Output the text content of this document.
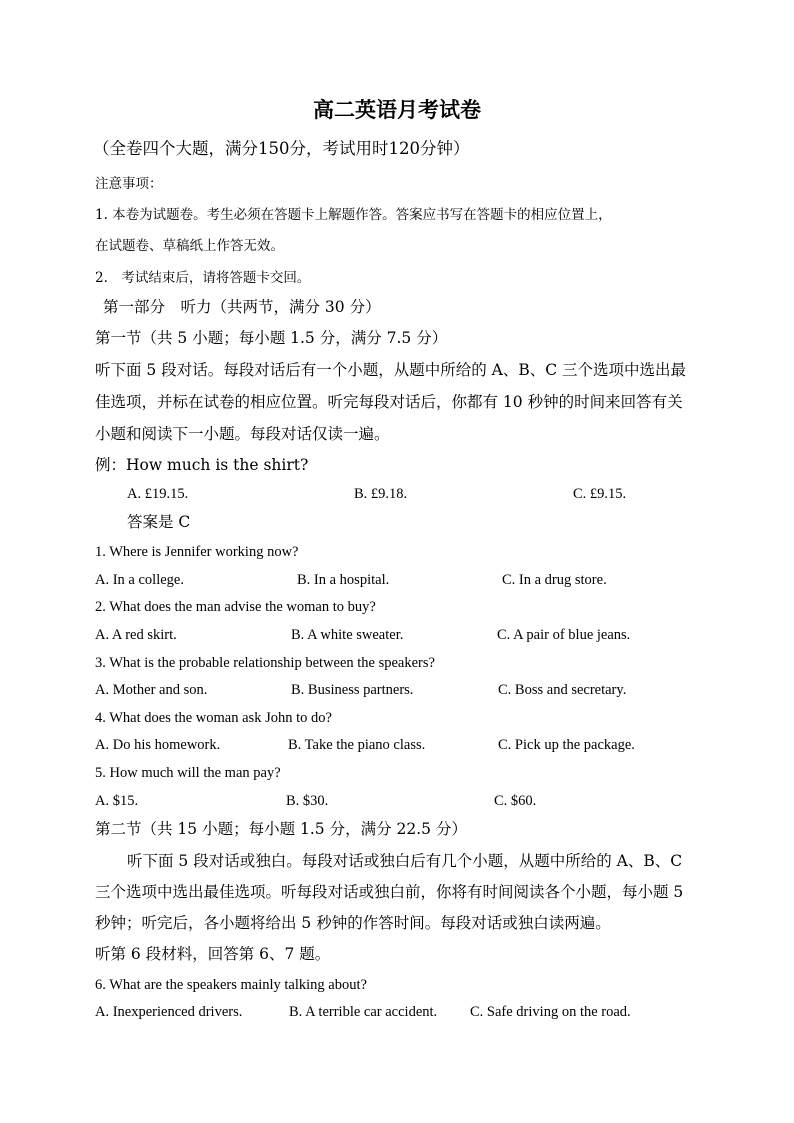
高二英语月考试卷
（全卷四个大题，满分150分，考试用时120分钟）
注意事项：
1. 本卷为试题卷。考生必须在答题卡上解题作答。答案应书写在答题卡的相应位置上，
在试题卷、草稿纸上作答无效。
2.　考试结束后，请将答题卡交回。
第一部分　听力（共两节，满分 30 分）
第一节（共 5 小题；每小题 1.5 分，满分 7.5 分）
听下面 5 段对话。每段对话后有一个小题，从题中所给的 A、B、C 三个选项中选出最
佳选项，并标在试卷的相应位置。听完每段对话后，你都有 10 秒钟的时间来回答有关
小题和阅读下一小题。每段对话仅读一遍。
例：How much is the shirt?
A. £19.15.	B. £9.18.	C. £9.15.
答案是 C
1. Where is Jennifer working now?
A. In a college.	B. In a hospital.	C. In a drug store.
2. What does the man advise the woman to buy?
A. A red skirt.	B. A white sweater.	C. A pair of blue jeans.
3. What is the probable relationship between the speakers?
A. Mother and son.	B. Business partners.	C. Boss and secretary.
4. What does the woman ask John to do?
A. Do his homework.	B. Take the piano class.	C. Pick up the package.
5. How much will the man pay?
A. $15.	B. $30.	C. $60.
第二节（共 15 小题；每小题 1.5 分，满分 22.5 分）
听下面 5 段对话或独白。每段对话或独白后有几个小题，从题中所给的 A、B、C
三个选项中选出最佳选项。听每段对话或独白前，你将有时间阅读各个小题，每小题 5
秒钟；听完后，各小题将给出 5 秒钟的作答时间。每段对话或独白读两遍。
听第 6 段材料，回答第 6、7 题。
6. What are the speakers mainly talking about?
A. Inexperienced drivers.	B. A terrible car accident. C. Safe driving on the road.
